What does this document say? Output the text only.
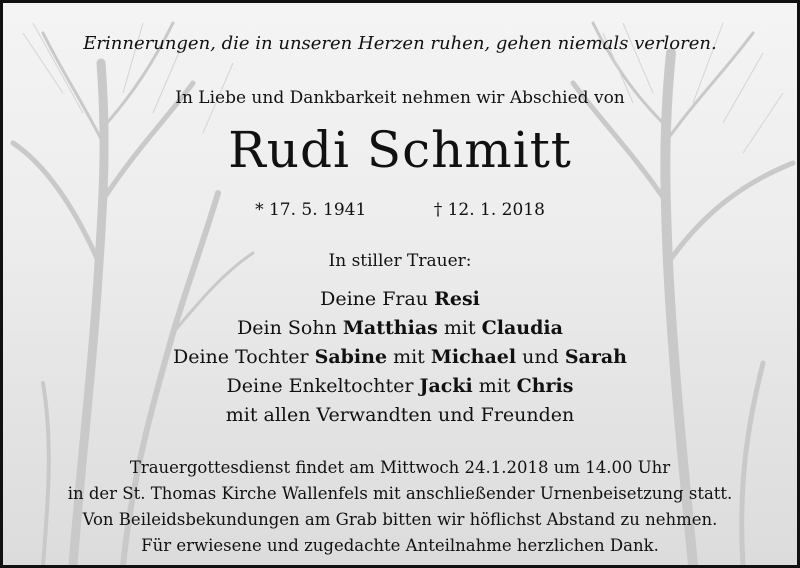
Erinnerungen, die in unseren Herzen ruhen, gehen niemals verloren.
In Liebe und Dankbarkeit nehmen wir Abschied von
Rudi Schmitt
* 17. 5. 1941	† 12. 1. 2018
In stiller Trauer:
Deine Frau Resi
Dein Sohn Matthias mit Claudia
Deine Tochter Sabine mit Michael und Sarah
Deine Enkeltochter Jacki mit Chris
mit allen Verwandten und Freunden
Trauergottesdienst findet am Mittwoch 24.1.2018 um 14.00 Uhr
in der St. Thomas Kirche Wallenfels mit anschließender Urnenbeisetzung statt.
Von Beileidsbekundungen am Grab bitten wir höflichst Abstand zu nehmen.
Für erwiesene und zugedachte Anteilnahme herzlichen Dank.
